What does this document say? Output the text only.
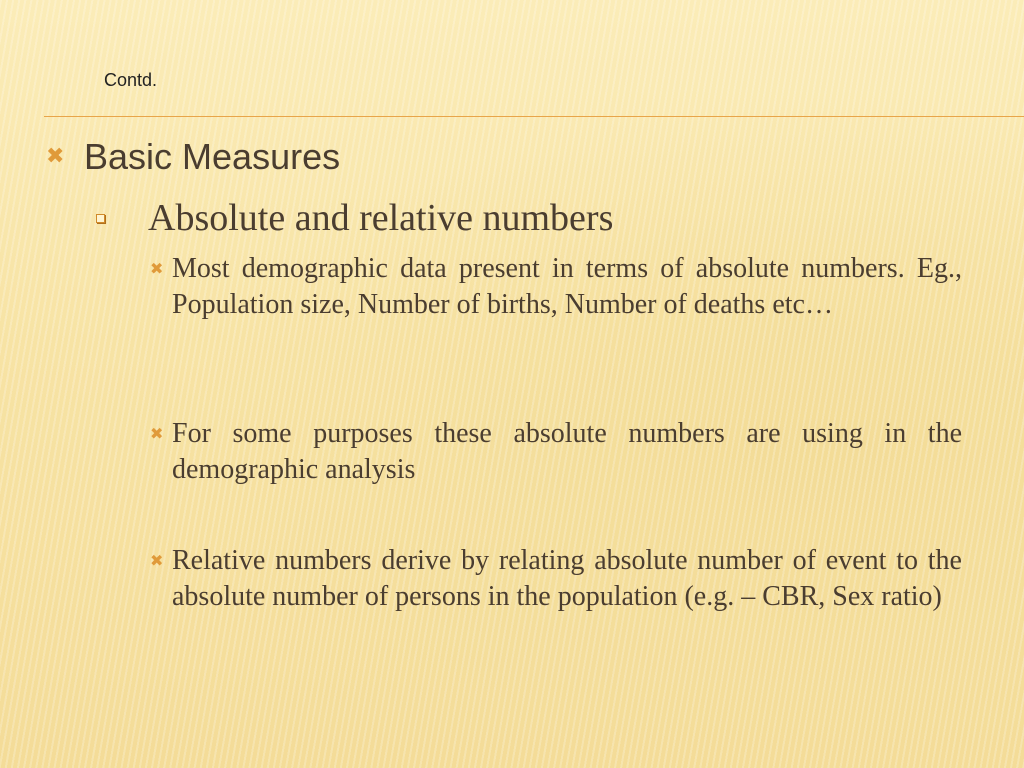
Contd.
✖ Basic Measures
Absolute and relative numbers
✖ Most demographic data present in terms of absolute numbers. Eg., Population size, Number of births, Number of deaths etc…
✖ For some purposes these absolute numbers are using in the demographic analysis
✖ Relative numbers derive by relating absolute number of event to the absolute number of persons in the population (e.g. – CBR, Sex ratio)
